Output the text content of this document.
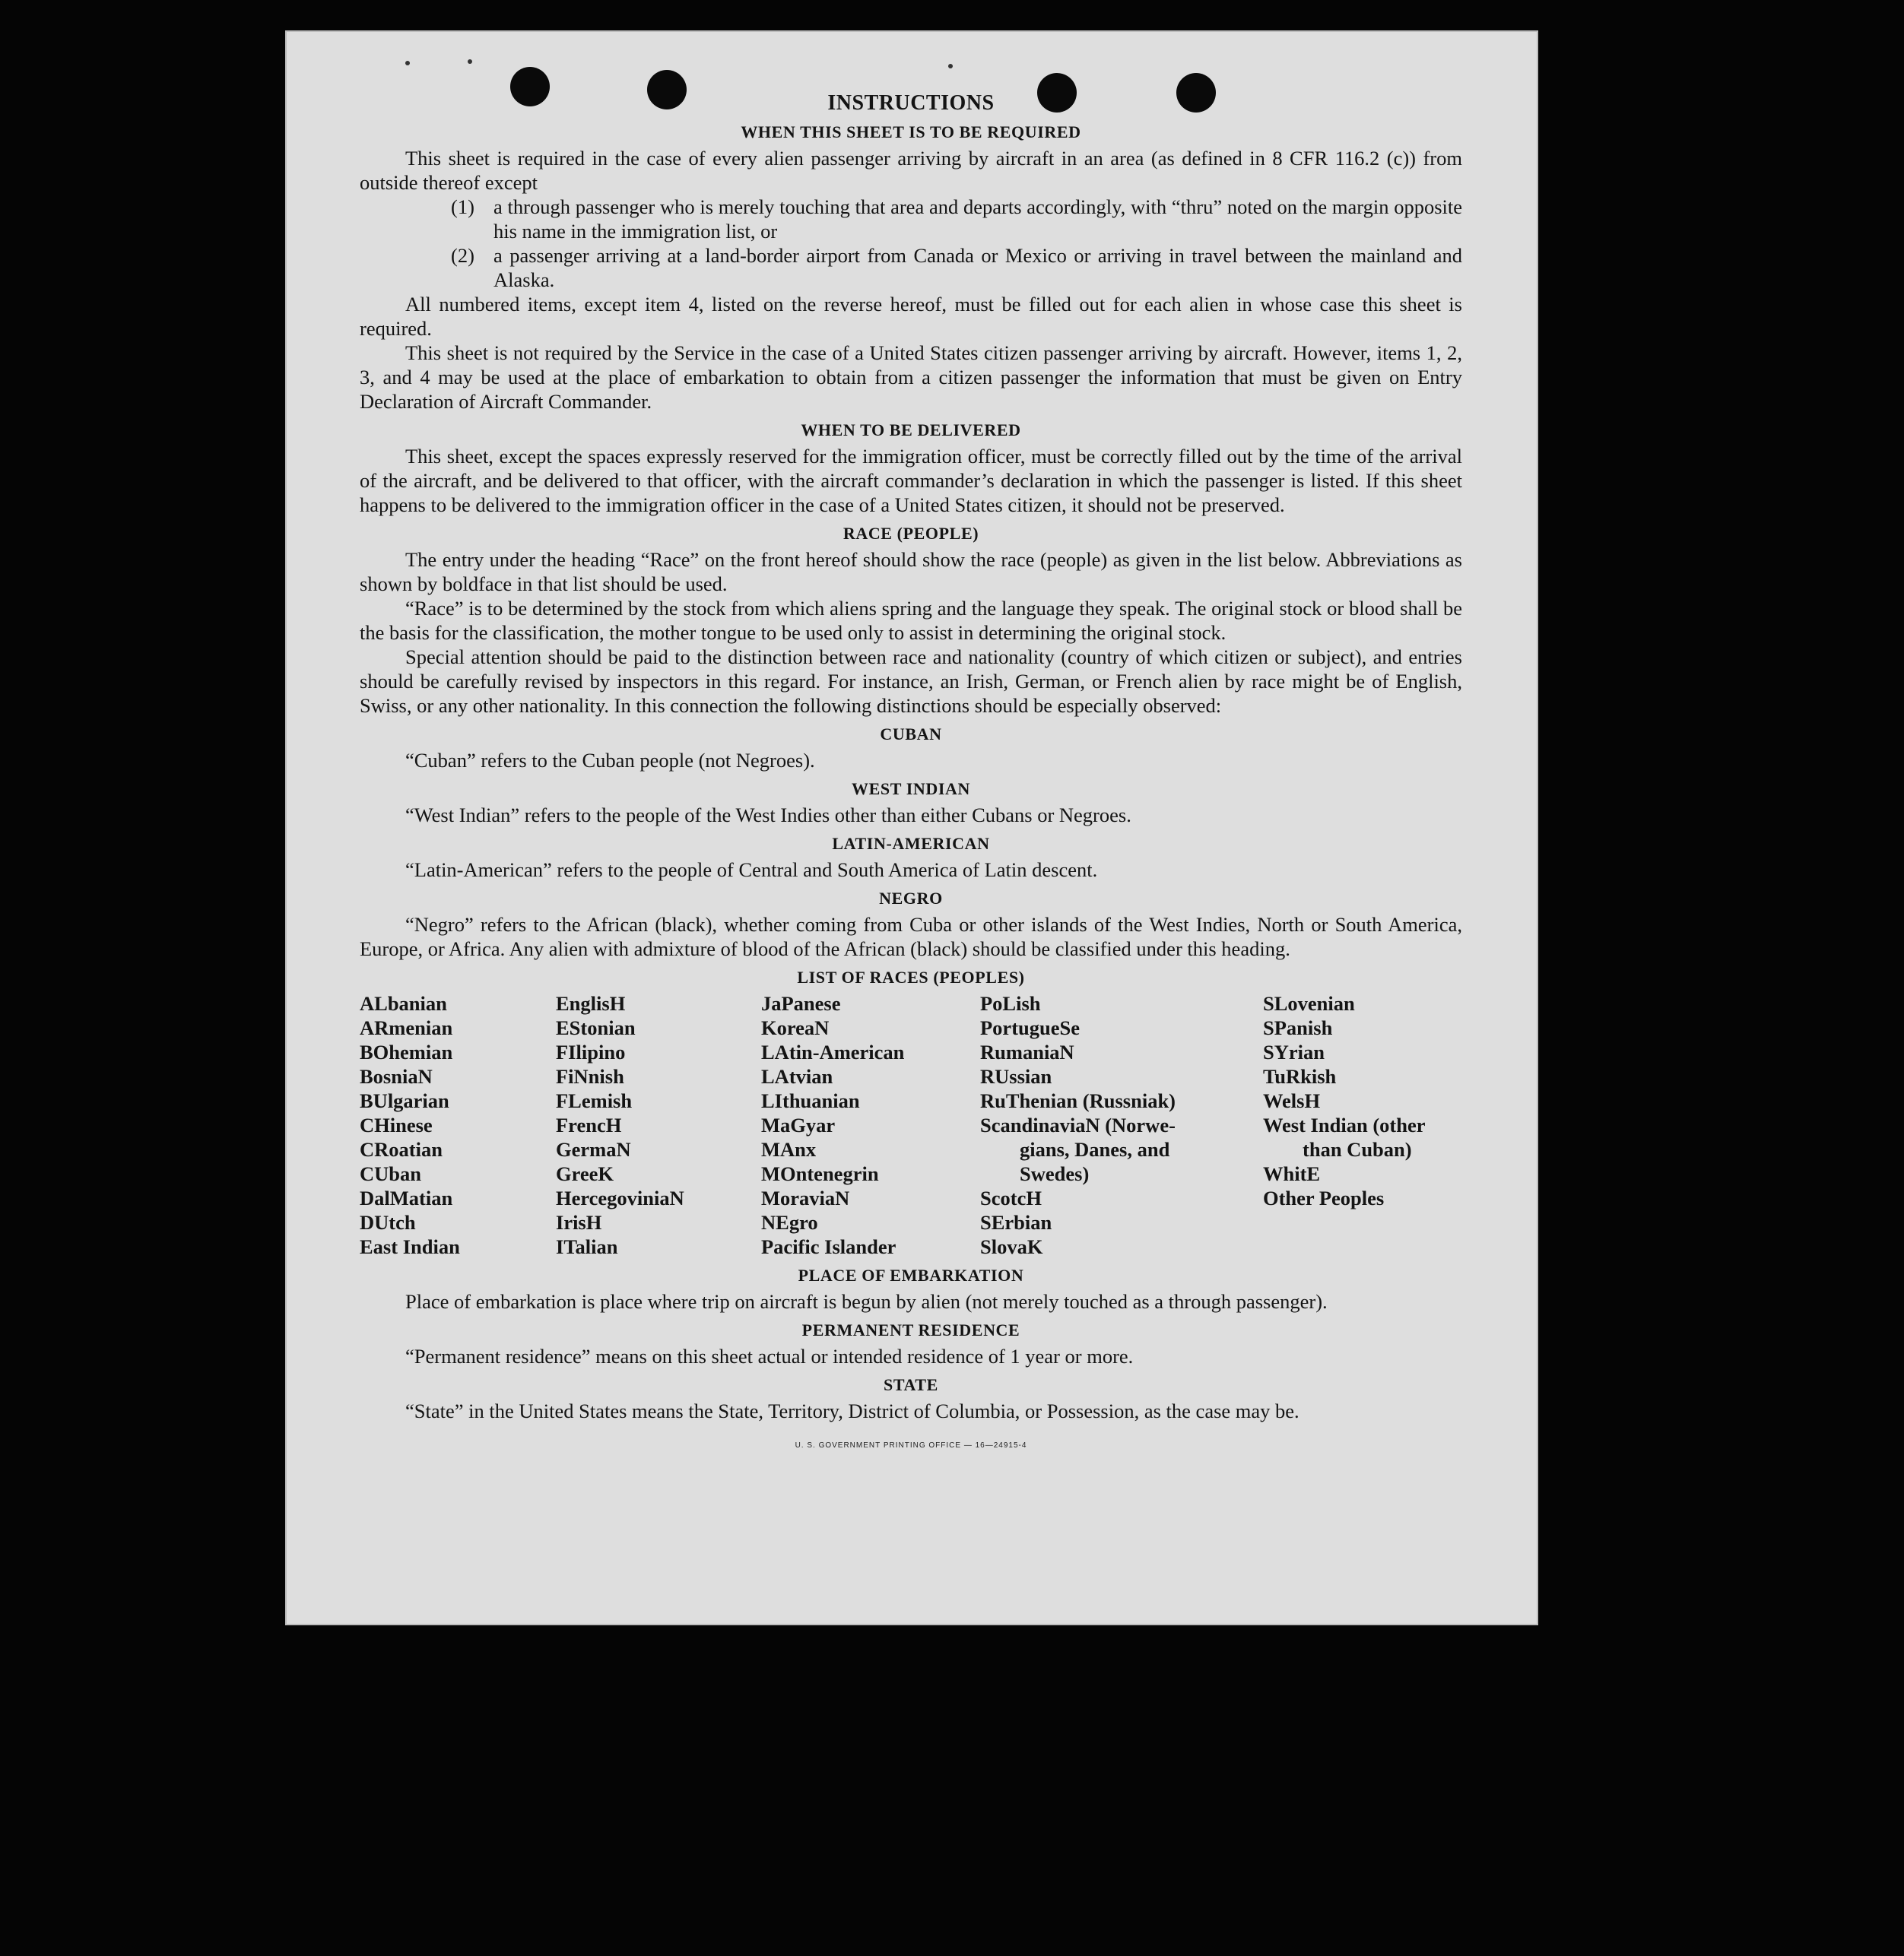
INSTRUCTIONS
WHEN THIS SHEET IS TO BE REQUIRED

This sheet is required in the case of every alien passenger arriving by aircraft in an area (as defined in 8 CFR 116.2 (c)) from outside thereof except

(1) a through passenger who is merely touching that area and departs accordingly, with “thru” noted on the margin opposite his name in the immigration list, or
(2) a passenger arriving at a land-border airport from Canada or Mexico or arriving in travel between the mainland and Alaska.

All numbered items, except item 4, listed on the reverse hereof, must be filled out for each alien in whose case this sheet is required.

This sheet is not required by the Service in the case of a United States citizen passenger arriving by aircraft. However, items 1, 2, 3, and 4 may be used at the place of embarkation to obtain from a citizen passenger the information that must be given on Entry Declaration of Aircraft Commander.

WHEN TO BE DELIVERED

This sheet, except the spaces expressly reserved for the immigration officer, must be correctly filled out by the time of the arrival of the aircraft, and be delivered to that officer, with the aircraft commander’s declaration in which the passenger is listed. If this sheet happens to be delivered to the immigration officer in the case of a United States citizen, it should not be preserved.

RACE (PEOPLE)

The entry under the heading “Race” on the front hereof should show the race (people) as given in the list below. Abbreviations as shown by boldface in that list should be used.

“Race” is to be determined by the stock from which aliens spring and the language they speak. The original stock or blood shall be the basis for the classification, the mother tongue to be used only to assist in determining the original stock.

Special attention should be paid to the distinction between race and nationality (country of which citizen or subject), and entries should be carefully revised by inspectors in this regard. For instance, an Irish, German, or French alien by race might be of English, Swiss, or any other nationality. In this connection the following distinctions should be especially observed:

CUBAN

“Cuban” refers to the Cuban people (not Negroes).

WEST INDIAN

“West Indian” refers to the people of the West Indies other than either Cubans or Negroes.

LATIN-AMERICAN

“Latin-American” refers to the people of Central and South America of Latin descent.

NEGRO

“Negro” refers to the African (black), whether coming from Cuba or other islands of the West Indies, North or South America, Europe, or Africa. Any alien with admixture of blood of the African (black) should be classified under this heading.

LIST OF RACES (PEOPLES)
ALbanian
ARmenian
BOhemian
BosniaN
BUlgarian
CHinese
CRoatian
CUban
DalMatian
DUtch
East Indian
EnglisH
EStonian
FIlipino
FiNnish
FLemish
FrencH
GermaN
GreeK
HercegoviniaN
IrisH
ITalian
JaPanese
KoreaN
LAtin-American
LAtvian
LIthuanian
MaGyar
MAnx
MOntenegrin
MoraviaN
NEgro
Pacific Islander
PoLish
PortugueSe
RumaniaN
RUssian
RuThenian (Russniak)
ScandinaviaN (Norwe-
gians, Danes, and
Swedes)
ScotcH
SErbian
SlovaK
SLovenian
SPanish
SYrian
TuRkish
WelsH
West Indian (other
than Cuban)
WhitE
Other Peoples
PLACE OF EMBARKATION

Place of embarkation is place where trip on aircraft is begun by alien (not merely touched as a through passenger).

PERMANENT RESIDENCE

“Permanent residence” means on this sheet actual or intended residence of 1 year or more.

STATE

“State” in the United States means the State, Territory, District of Columbia, or Possession, as the case may be.

U. S. GOVERNMENT PRINTING OFFICE — 16—24915-4
